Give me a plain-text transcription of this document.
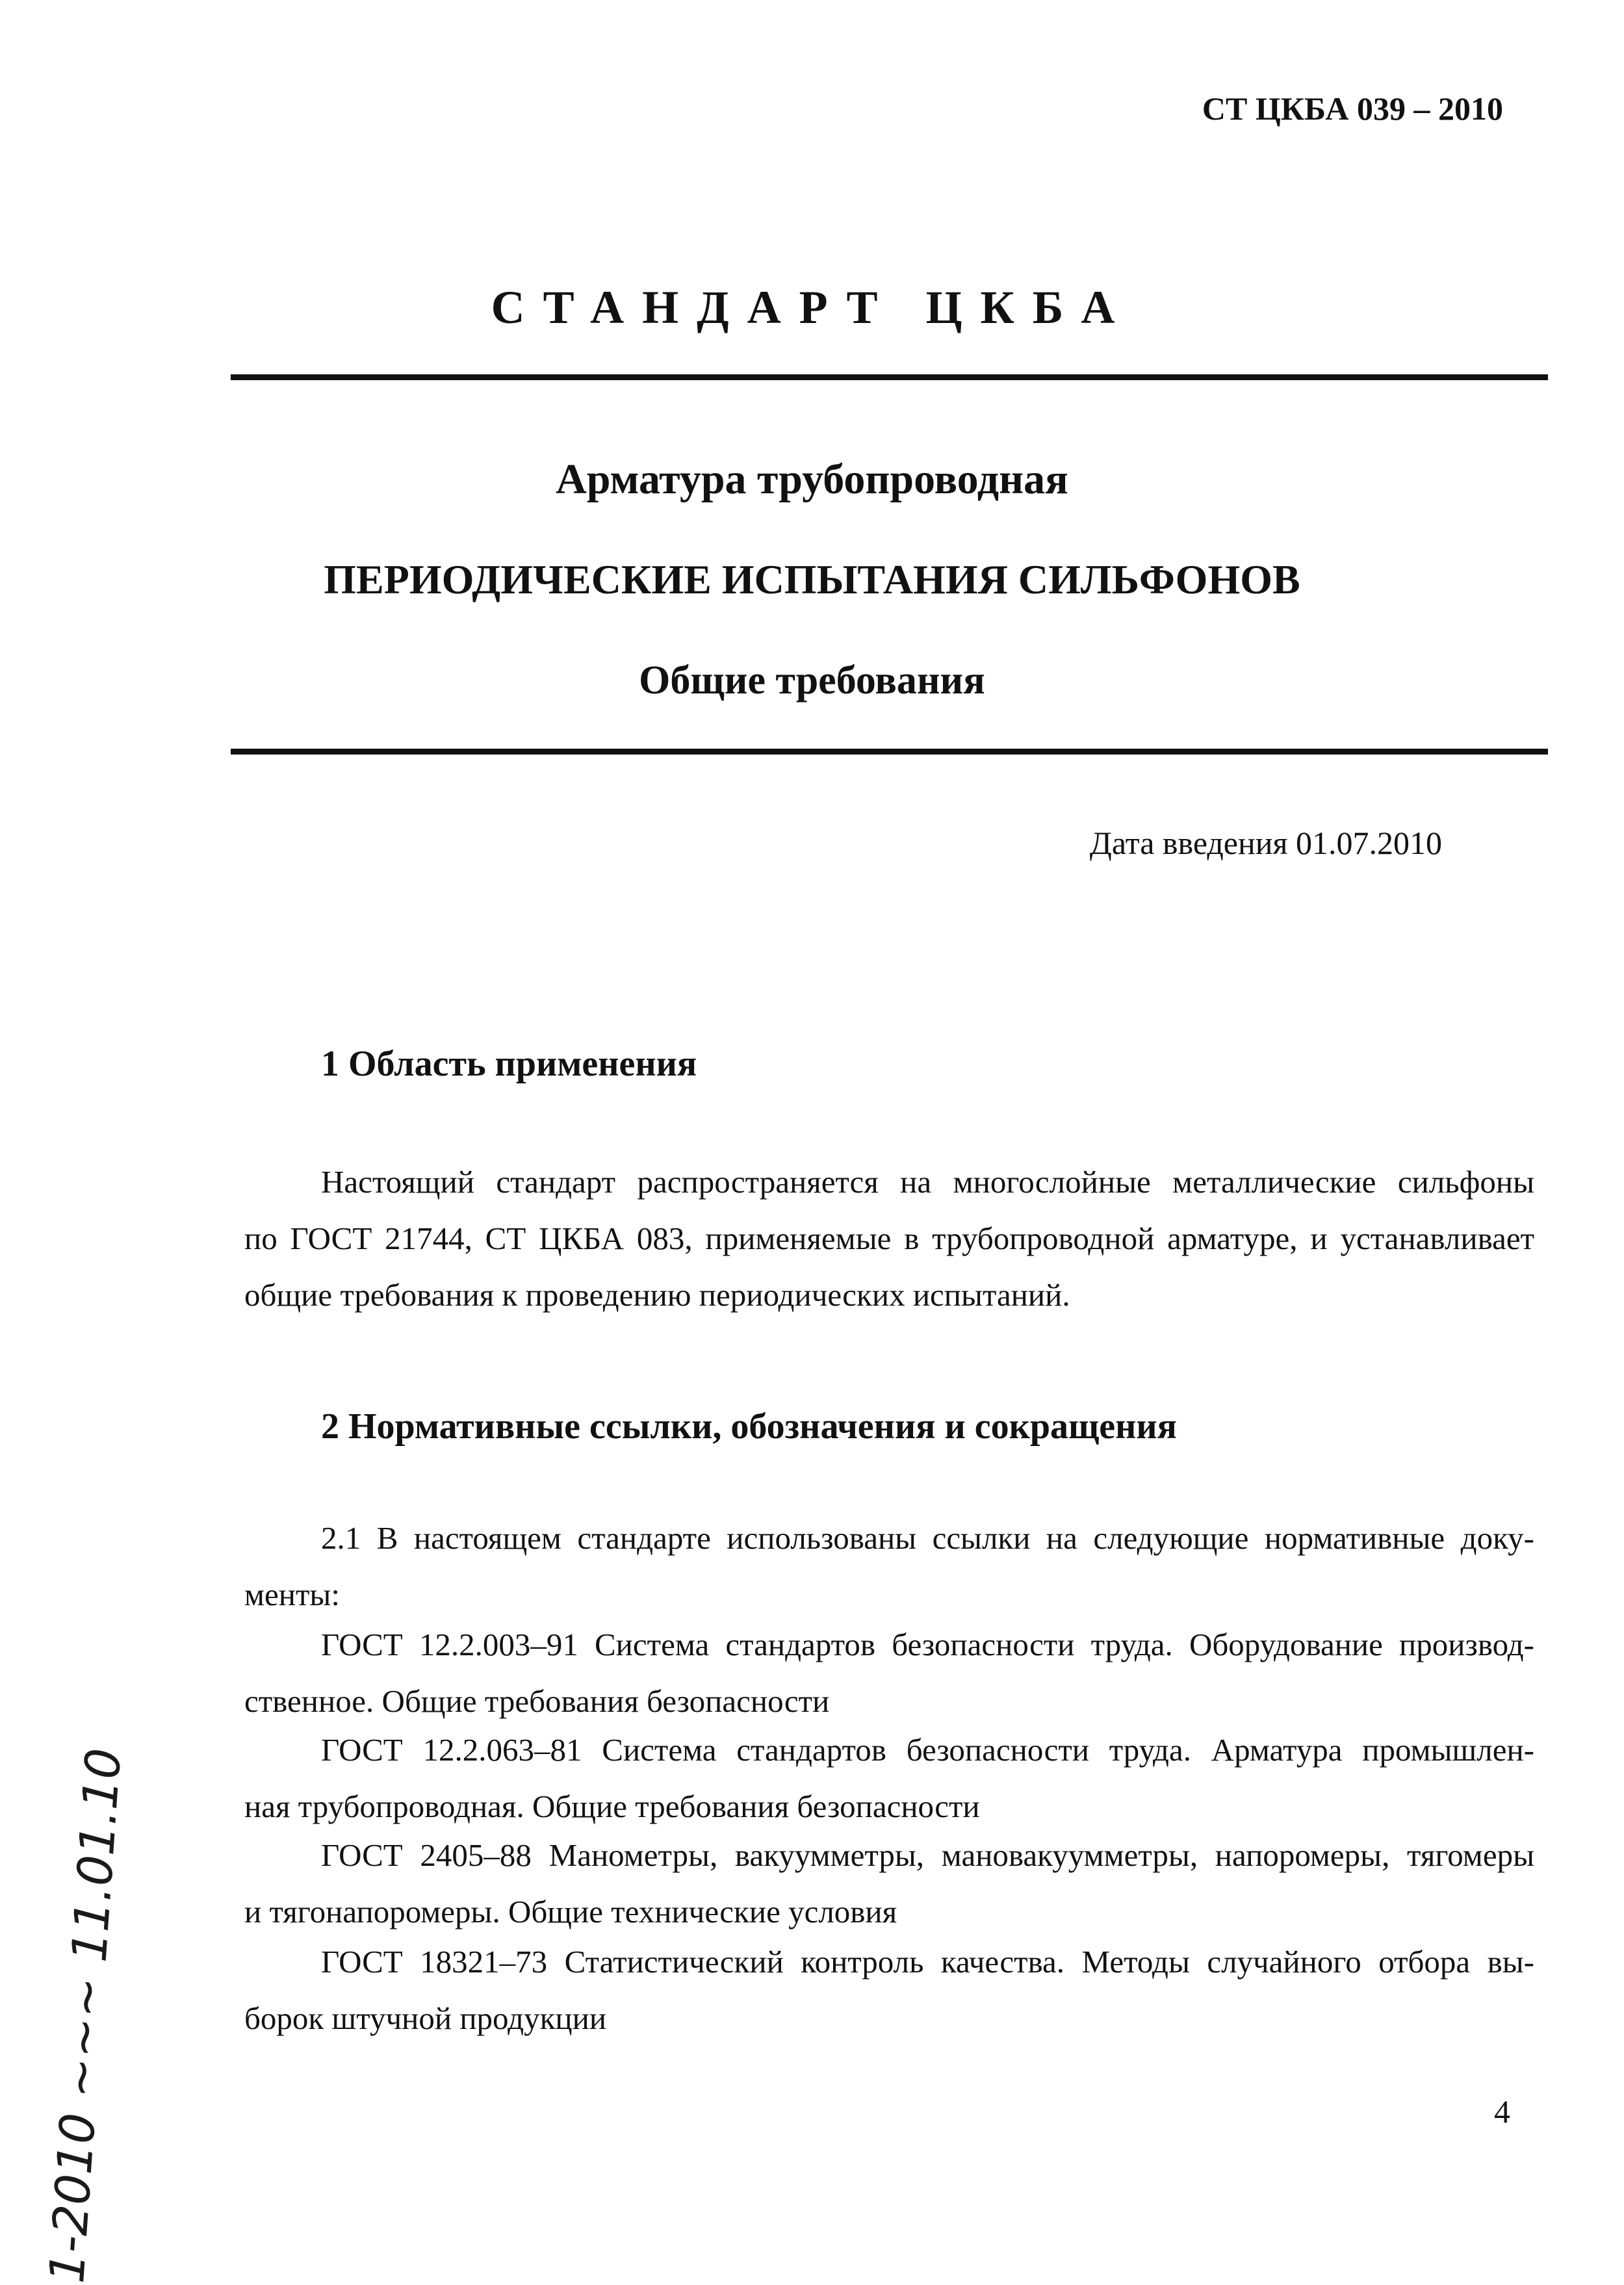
СТ ЦКБА 039 – 2010
СТАНДАРТ ЦКБА
Арматура трубопроводная
ПЕРИОДИЧЕСКИЕ ИСПЫТАНИЯ СИЛЬФОНОВ
Общие требования
Дата введения 01.07.2010
1 Область применения

Настоящий стандарт распространяется на многослойные металлические сильфоны
по ГОСТ 21744, СТ ЦКБА 083, применяемые в трубопроводной арматуре, и устанавливает
общие требования к проведению периодических испытаний.

2 Нормативные ссылки, обозначения и сокращения

2.1 В настоящем стандарте использованы ссылки на следующие нормативные доку-
менты:

ГОСТ 12.2.003–91 Система стандартов безопасности труда. Оборудование производ-
ственное. Общие требования безопасности

ГОСТ 12.2.063–81 Система стандартов безопасности труда. Арматура промышлен-
ная трубопроводная. Общие требования безопасности

ГОСТ 2405–88 Манометры, вакуумметры, мановакуумметры, напоромеры, тягомеры
и тягонапоромеры. Общие технические условия

ГОСТ 18321–73 Статистический контроль качества. Методы случайного отбора вы-
борок штучной продукции

4
1-2010 ~~~ 11.01.10
